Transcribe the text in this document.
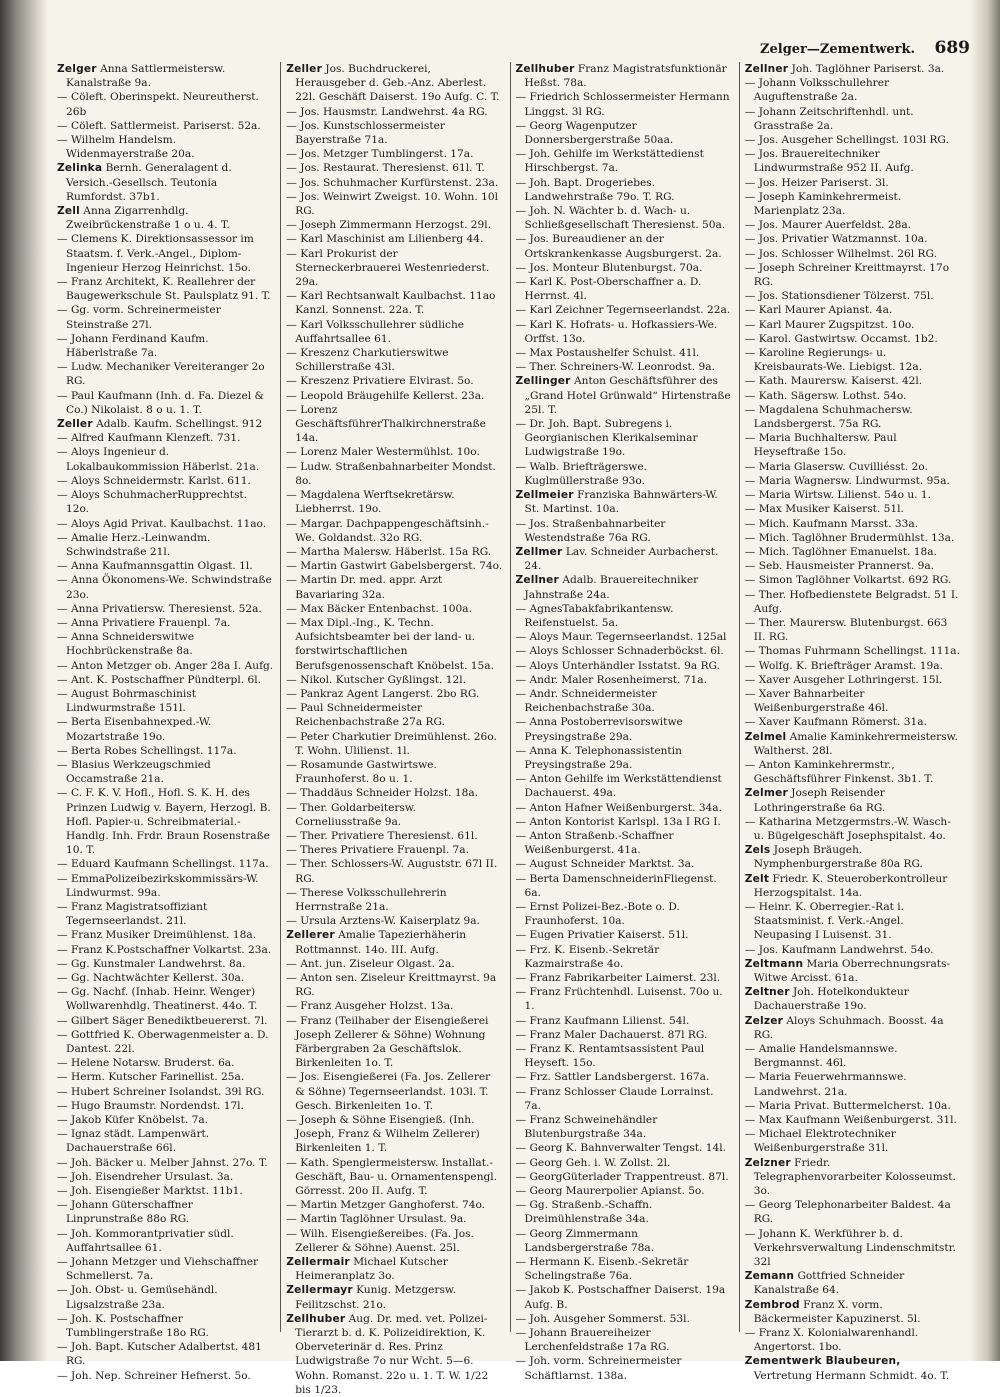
Zelger—Zementwerk. 689

Zelger Anna Sattlermeistersw. Kanalstraße 9a.

— Cöleft. Oberinspekt. Neureutherst. 26b

— Cöleft. Sattlermeist. Pariserst. 52a.

— Wilhelm Handelsm. Widenmayerstraße 20a.

Zelinka Bernh. Generalagent d. Versich.-Gesellsch. Teutonia Rumfordst. 37b1.

Zell Anna Zigarrenhdlg. Zweibrückenstraße 1 o u. 4. T.

— Clemens K. Direktionsassessor im Staatsm. f. Verk.-Angel., Diplom-Ingenieur Herzog Heinrichst. 15o.

— Franz Architekt, K. Reallehrer der Baugewerkschule St. Paulsplatz 91. T.

— Gg. vorm. Schreinermeister Steinstraße 27l.

— Johann Ferdinand Kaufm. Häberlstraße 7a.

— Ludw. Mechaniker Vereiteranger 2o RG.

— Paul Kaufmann (Inh. d. Fa. Diezel & Co.) Nikolaist. 8 o u. 1. T.

Zeller Adalb. Kaufm. Schellingst. 912

— Alfred Kaufmann Klenzeft. 731.

— Aloys Ingenieur d. Lokalbaukommission Häberlst. 21a.

— Aloys Schneidermstr. Karlst. 611.

— Aloys SchuhmacherRupprechtst. 12o.

— Aloys Agid Privat. Kaulbachst. 11ao.

— Amalie Herz.-Leinwandm. Schwindstraße 21l.

— Anna Kaufmannsgattin Olgast. 1l.

— Anna Ökonomens-We. Schwindstraße 23o.

— Anna Privatiersw. Theresienst. 52a.

— Anna Privatiere Frauenpl. 7a.

— Anna Schneiderswitwe Hochbrückenstraße 8a.

— Anton Metzger ob. Anger 28a I. Aufg.

— Ant. K. Postschaffner Pündterpl. 6l.

— August Bohrmaschinist Lindwurmstraße 151l.

— Berta Eisenbahnexped.-W. Mozartstraße 19o.

— Berta Robes Schellingst. 117a.

— Blasius Werkzeugschmied Occamstraße 21a.

— C. F. K. V. Hofl., Hofl. S. K. H. des Prinzen Ludwig v. Bayern, Herzogl. B. Hofl. Papier-u. Schreibmaterial.-Handlg. Inh. Frdr. Braun Rosenstraße 10. T.

— Eduard Kaufmann Schellingst. 117a.

— EmmaPolizeibezirkskommissärs-W. Lindwurmst. 99a.

— Franz Magistratsoffiziant Tegernseerlandst. 21l.

— Franz Musiker Dreimühlenst. 18a.

— Franz K.Postschaffner Volkartst. 23a.

— Gg. Kunstmaler Landwehrst. 8a.

— Gg. Nachtwächter Kellerst. 30a.

— Gg. Nachf. (Inhab. Heinr. Wenger) Wollwarenhdlg. Theatinerst. 44o. T.

— Gilbert Säger Benediktbeuererst. 7l.

— Gottfried K. Oberwagenmeister a. D. Dantest. 22l.

— Helene Notarsw. Bruderst. 6a.

— Herm. Kutscher Farinellist. 25a.

— Hubert Schreiner Isolandst. 39l RG.

— Hugo Braumstr. Nordendst. 17l.

— Jakob Küfer Knöbelst. 7a.

— Ignaz städt. Lampenwärt. Dachauerstraße 66l.

— Joh. Bäcker u. Melber Jahnst. 27o. T.

— Joh. Eisendreher Ursulast. 3a.

— Joh. Eisengießer Marktst. 11b1.

— Johann Güterschaffner Linprunstraße 88o RG.

— Joh. Kommorantprivatier südl. Auffahrtsallee 61.

— Johann Metzger und Viehschaffner Schmellerst. 7a.

— Joh. Obst- u. Gemüsehändl. Ligsalzstraße 23a.

— Joh. K. Postschaffner Tumblingerstraße 18o RG.

— Joh. Bapt. Kutscher Adalbertst. 481 RG.

— Joh. Nep. Schreiner Hefnerst. 5o.

Zeller Jos. Buchdruckerei, Herausgeber d. Geb.-Anz. Aberlest. 22l. Geschäft Daiserst. 19o Aufg. C. T.

— Jos. Hausmstr. Landwehrst. 4a RG.

— Jos. Kunstschlossermeister Bayerstraße 71a.

— Jos. Metzger Tumblingerst. 17a.

— Jos. Restaurat. Theresienst. 61l. T.

— Jos. Schuhmacher Kurfürstenst. 23a.

— Jos. Weinwirt Zweigst. 10. Wohn. 10l RG.

— Joseph Zimmermann Herzogst. 29l.

— Karl Maschinist am Lilienberg 44.

— Karl Prokurist der Sterneckerbrauerei Westenriederst. 29a.

— Karl Rechtsanwalt Kaulbachst. 11ao Kanzl. Sonnenst. 22a. T.

— Karl Volksschullehrer südliche Auffahrtsallee 61.

— Kreszenz Charkutierswitwe Schillerstraße 43l.

— Kreszenz Privatiere Elvirast. 5o.

— Leopold Bräugehilfe Kellerst. 23a.

— Lorenz GeschäftsführerThalkirchnerstraße 14a.

— Lorenz Maler Westermühlst. 10o.

— Ludw. Straßenbahnarbeiter Mondst. 8o.

— Magdalena Werftsekretärsw. Liebherrst. 19o.

— Margar. Dachpappengeschäftsinh.-We. Goldandst. 32o RG.

— Martha Malersw. Häberlst. 15a RG.

— Martin Gastwirt Gabelsbergerst. 74o.

— Martin Dr. med. appr. Arzt Bavariaring 32a.

— Max Bäcker Entenbachst. 100a.

— Max Dipl.-Ing., K. Techn. Aufsichtsbeamter bei der land- u. forstwirtschaftlichen Berufsgenossenschaft Knöbelst. 15a.

— Nikol. Kutscher Gyßlingst. 12l.

— Pankraz Agent Langerst. 2bo RG.

— Paul Schneidermeister Reichenbachstraße 27a RG.

— Peter Charkutier Dreimühlenst. 26o. T. Wohn. Ulilienst. 1l.

— Rosamunde Gastwirtswe. Fraunhoferst. 8o u. 1.

— Thaddäus Schneider Holzst. 18a.

— Ther. Goldarbeitersw. Corneliusstraße 9a.

— Ther. Privatiere Theresienst. 61l.

— Theres Privatiere Frauenpl. 7a.

— Ther. Schlossers-W. Auguststr. 67l II. RG.

— Therese Volksschullehrerin Herrnstraße 21a.

— Ursula Arztens-W. Kaiserplatz 9a.

Zellerer Amalie Tapezierhäherin Rottmannst. 14o. III. Aufg.

— Ant. jun. Ziseleur Olgast. 2a.

— Anton sen. Ziseleur Kreittmayrst. 9a RG.

— Franz Ausgeher Holzst. 13a.

— Franz (Teilhaber der Eisengießerei Joseph Zellerer & Söhne) Wohnung Färbergraben 2a Geschäftslok. Birkenleiten 1o. T.

— Jos. Eisengießerei (Fa. Jos. Zellerer & Söhne) Tegernseerlandst. 103l. T. Gesch. Birkenleiten 1o. T.

— Joseph & Söhne Eisengieß. (Inh. Joseph, Franz & Wilhelm Zellerer) Birkenleiten 1. T.

— Kath. Spenglermeistersw. Installat.-Geschäft, Bau- u. Ornamentenspengl. Görresst. 20o II. Aufg. T.

— Martin Metzger Ganghoferst. 74o.

— Martin Taglöhner Ursulast. 9a.

— Wilh. Eisengießereibes. (Fa. Jos. Zellerer & Söhne) Auenst. 25l.

Zellermair Michael Kutscher Heimeranplatz 3o.

Zellermayr Kunig. Metzgersw. Feilitzschst. 21o.

Zellhuber Aug. Dr. med. vet. Polizei-Tierarzt b. d. K. Polizeidirektion, K. Oberveterinär d. Res. Prinz Ludwigstraße 7o nur Wcht. 5—6. Wohn. Romanst. 22o u. 1. T. W. 1/22 bis 1/23.

Zellhuber Franz Magistratsfunktionär Heßst. 78a.

— Friedrich Schlossermeister Hermann Linggst. 3l RG.

— Georg Wagenputzer Donnersbergerstraße 50aa.

— Joh. Gehilfe im Werkstättedienst Hirschbergst. 7a.

— Joh. Bapt. Drogeriebes. Landwehrstraße 79o. T. RG.

— Joh. N. Wächter b. d. Wach- u. Schließgesellschaft Theresienst. 50a.

— Jos. Bureaudiener an der Ortskrankenkasse Augsburgerst. 2a.

— Jos. Monteur Blutenburgst. 70a.

— Karl K. Post-Oberschaffner a. D. Herrnst. 4l.

— Karl Zeichner Tegernseerlandst. 22a.

— Karl K. Hofrats- u. Hofkassiers-We. Orffst. 13o.

— Max Postaushelfer Schulst. 41l.

— Ther. Schreiners-W. Leonrodst. 9a.

Zellinger Anton Geschäftsführer des „Grand Hotel Grünwald“ Hirtenstraße 25l. T.

— Dr. Joh. Bapt. Subregens i. Georgianischen Klerikalseminar Ludwigstraße 19o.

— Walb. Briefträgerswe. Kuglmüllerstraße 93o.

Zellmeier Franziska Bahnwärters-W. St. Martinst. 10a.

— Jos. Straßenbahnarbeiter Westendstraße 76a RG.

Zellmer Lav. Schneider Aurbacherst. 24.

Zellner Adalb. Brauereitechniker Jahnstraße 24a.

— AgnesTabakfabrikantensw. Reifenstuelst. 5a.

— Aloys Maur. Tegernseerlandst. 125al

— Aloys Schlosser Schnaderböckst. 6l.

— Aloys Unterhändler Isstatst. 9a RG.

— Andr. Maler Rosenheimerst. 71a.

— Andr. Schneidermeister Reichenbachstraße 30a.

— Anna Postoberrevisorswitwe Preysingstraße 29a.

— Anna K. Telephonassistentin Preysingstraße 29a.

— Anton Gehilfe im Werkstättendienst Dachauerst. 49a.

— Anton Hafner Weißenburgerst. 34a.

— Anton Kontorist Karlspl. 13a I RG I.

— Anton Straßenb.-Schaffner Weißenburgerst. 41a.

— August Schneider Marktst. 3a.

— Berta DamenschneiderinFliegenst. 6a.

— Ernst Polizei-Bez.-Bote o. D. Fraunhoferst. 10a.

— Eugen Privatier Kaiserst. 51l.

— Frz. K. Eisenb.-Sekretär Kazmairstraße 4o.

— Franz Fabrikarbeiter Laimerst. 23l.

— Franz Früchtenhdl. Luisenst. 70o u. 1.

— Franz Kaufmann Lilienst. 54l.

— Franz Maler Dachauerst. 87l RG.

— Franz K. Rentamtsassistent Paul Heyseft. 15o.

— Frz. Sattler Landsbergerst. 167a.

— Franz Schlosser Claude Lorrainst. 7a.

— Franz Schweinehändler Blutenburgstraße 34a.

— Georg K. Bahnverwalter Tengst. 14l.

— Georg Geh. i. W. Zollst. 2l.

— GeorgGüterlader Trappentreust. 87l.

— Georg Maurerpolier Apianst. 5o.

— Gg. Straßenb.-Schaffn. Dreimühlenstraße 34a.

— Georg Zimmermann Landsbergerstraße 78a.

— Hermann K. Eisenb.-Sekretär Schelingstraße 76a.

— Jakob K. Postschaffner Daiserst. 19a Aufg. B.

— Joh. Ausgeher Sommerst. 53l.

— Johann Brauereiheizer Lerchenfeldstraße 17a RG.

— Joh. vorm. Schreinermeister Schäftlarnst. 138a.

Zellner Joh. Taglöhner Pariserst. 3a.

— Johann Volksschullehrer Auguftenstraße 2a.

— Johann Zeitschriftenhdl. unt. Grasstraße 2a.

— Jos. Ausgeher Schellingst. 103l RG.

— Jos. Brauereitechniker Lindwurmstraße 952 II. Aufg.

— Jos. Heizer Pariserst. 3l.

— Joseph Kaminkehrermeist. Marienplatz 23a.

— Jos. Maurer Auerfeldst. 28a.

— Jos. Privatier Watzmannst. 10a.

— Jos. Schlosser Wilhelmst. 26l RG.

— Joseph Schreiner Kreittmayrst. 17o RG.

— Jos. Stationsdiener Tölzerst. 75l.

— Karl Maurer Apianst. 4a.

— Karl Maurer Zugspitzst. 10o.

— Karol. Gastwirtsw. Occamst. 1b2.

— Karoline Regierungs- u. Kreisbaurats-We. Liebigst. 12a.

— Kath. Maurersw. Kaiserst. 42l.

— Kath. Sägersw. Lothst. 54o.

— Magdalena Schuhmachersw. Landsbergerst. 75a RG.

— Maria Buchhaltersw. Paul Heyseftraße 15o.

— Maria Glasersw. Cuvilliésst. 2o.

— Maria Wagnersw. Lindwurmst. 95a.

— Maria Wirtsw. Lilienst. 54o u. 1.

— Max Musiker Kaiserst. 51l.

— Mich. Kaufmann Marsst. 33a.

— Mich. Taglöhner Brudermühlst. 13a.

— Mich. Taglöhner Emanuelst. 18a.

— Seb. Hausmeister Prannerst. 9a.

— Simon Taglöhner Volkartst. 692 RG.

— Ther. Hofbedienstete Belgradst. 51 I. Aufg.

— Ther. Maurersw. Blutenburgst. 663 II. RG.

— Thomas Fuhrmann Schellingst. 111a.

— Wolfg. K. Briefträger Aramst. 19a.

— Xaver Ausgeher Lothringerst. 15l.

— Xaver Bahnarbeiter Weißenburgerstraße 46l.

— Xaver Kaufmann Römerst. 31a.

Zelmel Amalie Kaminkehrermeistersw. Waltherst. 28l.

— Anton Kaminkehrermstr., Geschäftsführer Finkenst. 3b1. T.

Zelmer Joseph Reisender Lothringerstraße 6a RG.

— Katharina Metzgermstrs.-W. Wasch- u. Bügelgeschäft Josephspitalst. 4o.

Zels Joseph Bräugeh. Nymphenburgerstraße 80a RG.

Zelt Friedr. K. Steueroberkontrolleur Herzogspitalst. 14a.

— Heinr. K. Oberregier.-Rat i. Staatsminist. f. Verk.-Angel. Neupasing I Luisenst. 31.

— Jos. Kaufmann Landwehrst. 54o.

Zeltmann Maria Oberrechnungsrats-Witwe Arcisst. 61a.

Zeltner Joh. Hotelkondukteur Dachauerstraße 19o.

Zelzer Aloys Schuhmach. Boosst. 4a RG.

— Amalie Handelsmannswe. Bergmannst. 46l.

— Maria Feuerwehrmannswe. Landwehrst. 21a.

— Maria Privat. Buttermelcherst. 10a.

— Max Kaufmann Weißenburgerst. 31l.

— Michael Elektrotechniker Weißenburgerstraße 31l.

Zelzner Friedr. Telegraphenvorarbeiter Kolosseumst. 3o.

— Georg Telephonarbeiter Baldest. 4a RG.

— Johann K. Werkführer b. d. Verkehrsverwaltung Lindenschmitstr. 32l

Zemann Gottfried Schneider Kanalstraße 64.

Zembrod Franz X. vorm. Bäckermeister Kapuzinerst. 5l.

— Franz X. Kolonialwarenhandl. Angertorst. 1bo.

Zementwerk Blaubeuren, Vertretung Hermann Schmidt. 4o. T.
